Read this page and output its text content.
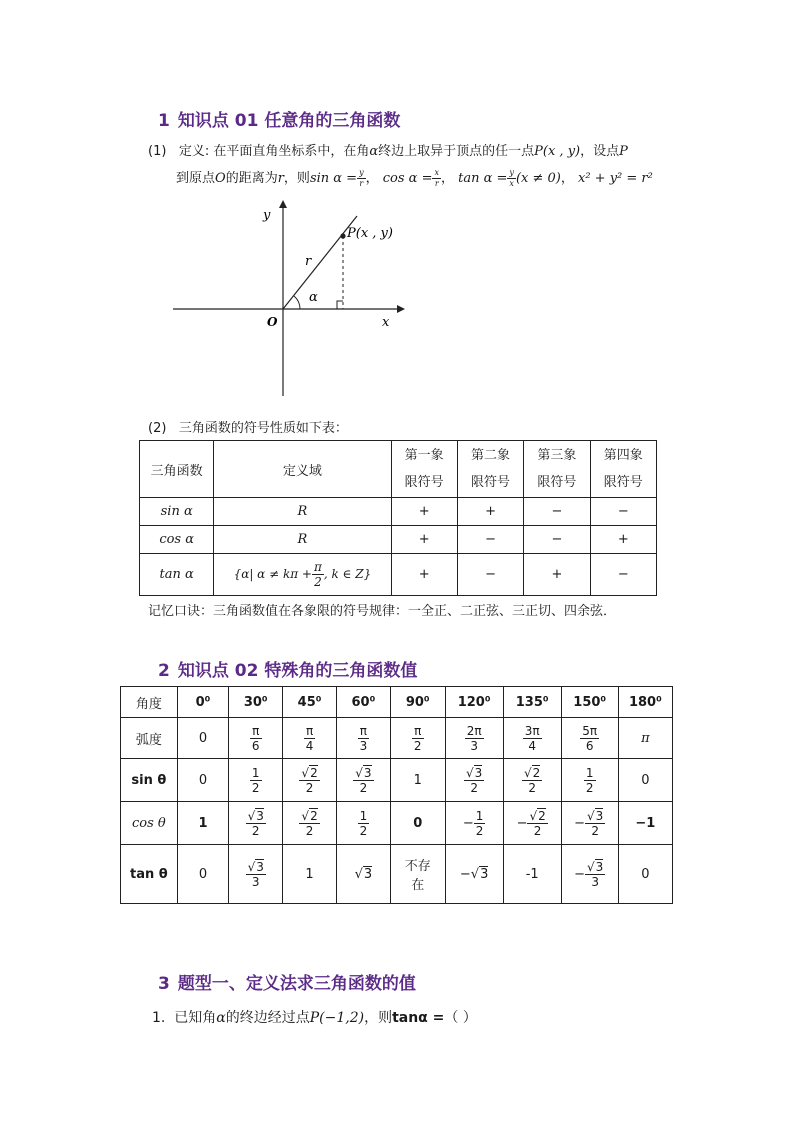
1 知识点 01 任意角的三角函数
(1) 定义: 在平面直角坐标系中，在角α终边上取异于顶点的任一点P(x , y)，设点P
到原点O的距离为r，则$\sin \alpha = \frac{y}{r}$ ， $\cos \alpha = \frac{x}{r}$ ， $\tan \alpha = \frac{y}{x} (x \ne 0)$， x² + y² = r²
y
x
O
r
α
P(x , y)
(2) 三角函数的符号性质如下表：
三角函数	定义域	第一象
限符号	第二象
限符号	第三象
限符号	第四象
限符号
sin α	R	+	+	−	−
cos α	R	+	−	−	+
tan α	{α| $\alpha \ne k\pi + \frac{\pi}{2}$ , k ∈ Z}	+	−	+	−
记忆口诀：三角函数值在各象限的符号规律：一全正、二正弦、三正切、四余弦．
2 知识点 02 特殊角的三角函数值
角度	0⁰	30⁰	45⁰	60⁰	90⁰	120⁰	135⁰	150⁰	180⁰
弧度	0	$\frac{\pi}{6}$	$\frac{\pi}{4}$	$\frac{\pi}{3}$	$\frac{\pi}{2}$	$\frac{2\pi}{3}$	$\frac{3\pi}{4}$	$\frac{5\pi}{6}$	π
sin θ	0	$\frac{1}{2}$	$\frac{√2}{2}$	$\frac{√3}{2}$	1	$\frac{√3}{2}$	$\frac{√2}{2}$	$\frac{1}{2}$	0
cos θ	1	$\frac{√3}{2}$	$\frac{√2}{2}$	$\frac{1}{2}$	0	− $\frac{1}{2}$	− $\frac{√2}{2}$	− $\frac{√3}{2}$	−1
tan θ	0	$\frac{√3}{3}$	1	√3	不存
在	−√3	-1	− $\frac{√3}{3}$	0
3 题型一、定义法求三角函数的值
1. 已知角α的终边经过点P(−1,2)，则tanα =（ ）
